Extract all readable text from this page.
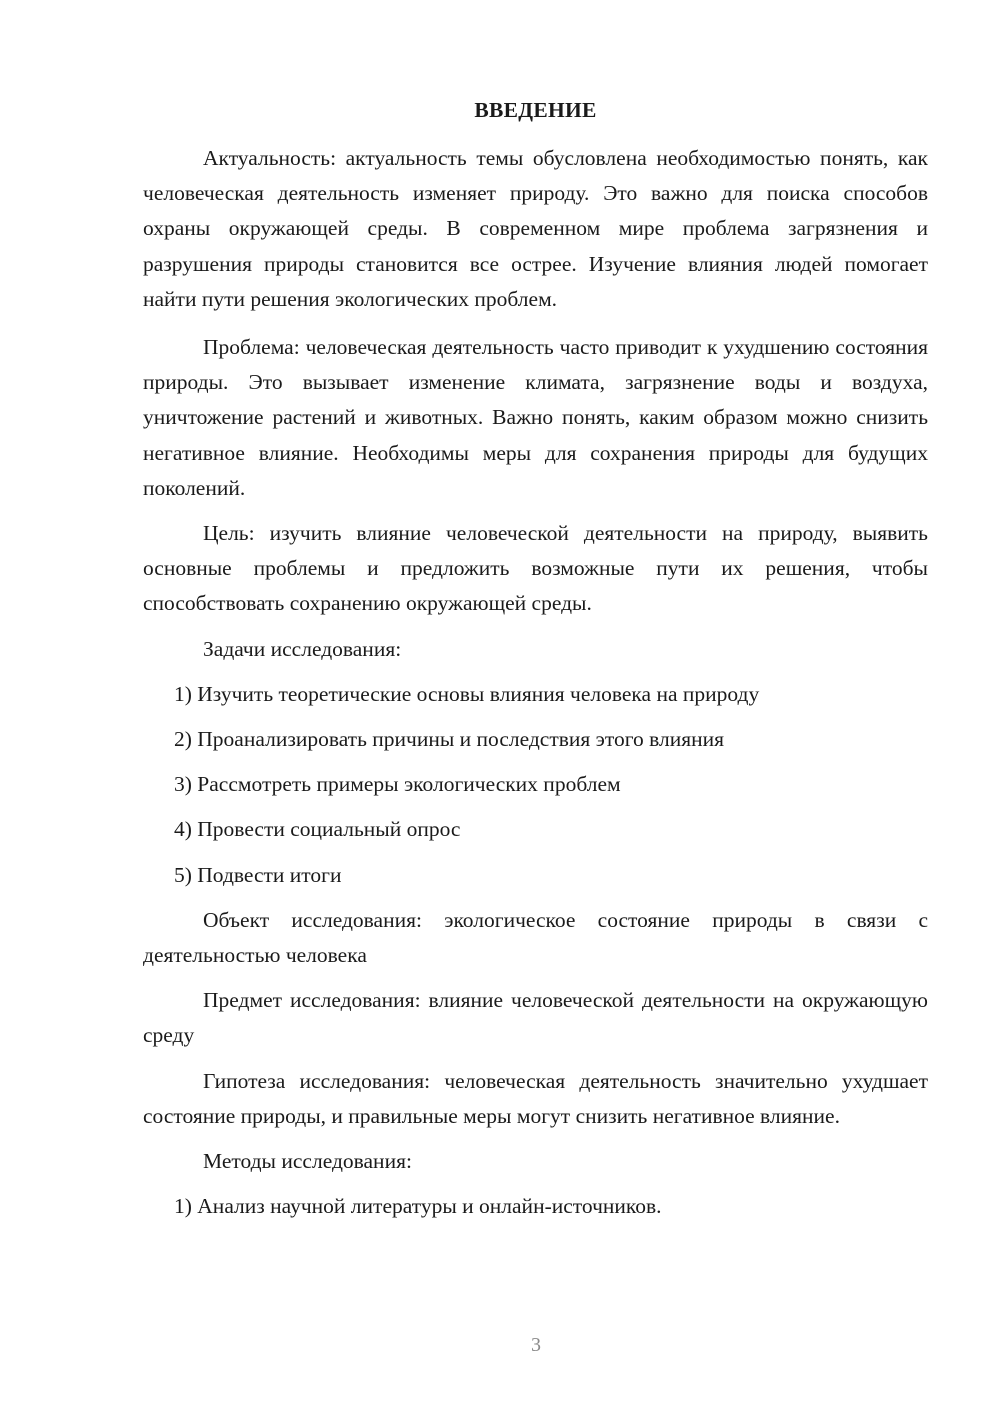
ВВЕДЕНИЕ

Актуальность: актуальность темы обусловлена необходимостью понять, как человеческая деятельность изменяет природу. Это важно для поиска способов охраны окружающей среды. В современном мире проблема загрязнения и разрушения природы становится все острее. Изучение влияния людей помогает найти пути решения экологических проблем.

Проблема: человеческая деятельность часто приводит к ухудшению состояния природы. Это вызывает изменение климата, загрязнение воды и воздуха, уничтожение растений и животных. Важно понять, каким образом можно снизить негативное влияние. Необходимы меры для сохранения природы для будущих поколений.

Цель: изучить влияние человеческой деятельности на природу, выявить основные проблемы и предложить возможные пути их решения, чтобы способствовать сохранению окружающей среды.

Задачи исследования:
1) Изучить теоретические основы влияния человека на природу
2) Проанализировать причины и последствия этого влияния
3) Рассмотреть примеры экологических проблем
4) Провести социальный опрос
5) Подвести итоги

Объект исследования: экологическое состояние природы в связи с деятельностью человека

Предмет исследования: влияние человеческой деятельности на окружающую среду

Гипотеза исследования: человеческая деятельность значительно ухудшает состояние природы, и правильные меры могут снизить негативное влияние.

Методы исследования:
1) Анализ научной литературы и онлайн-источников.
3
